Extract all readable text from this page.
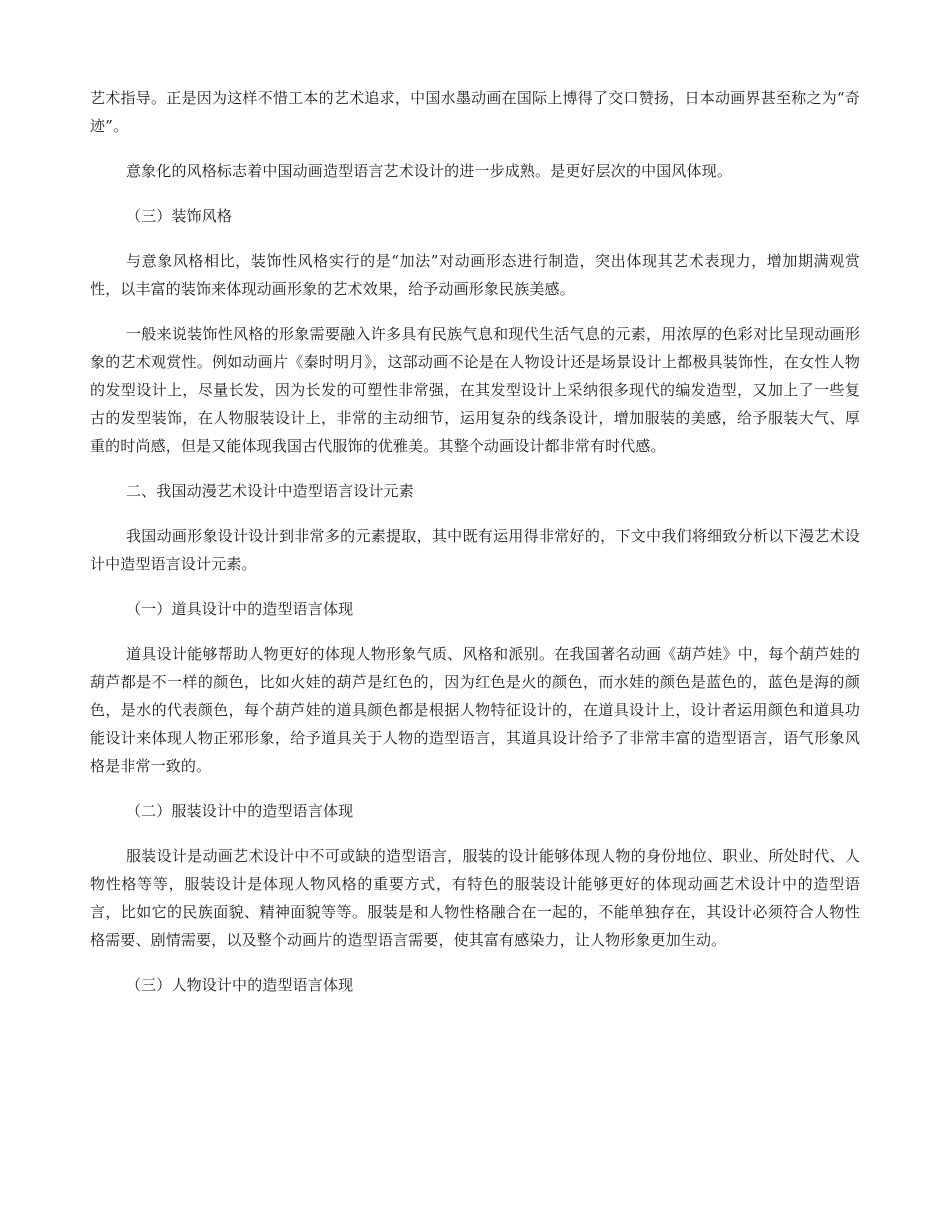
艺术指导。正是因为这样不惜工本的艺术追求，中国水墨动画在国际上博得了交口赞扬，日本动画界甚至称之为“奇迹”。

意象化的风格标志着中国动画造型语言艺术设计的进一步成熟。是更好层次的中国风体现。

（三）装饰风格

与意象风格相比，装饰性风格实行的是“加法”对动画形态进行制造，突出体现其艺术表现力，增加期满观赏性，以丰富的装饰来体现动画形象的艺术效果，给予动画形象民族美感。

一般来说装饰性风格的形象需要融入许多具有民族气息和现代生活气息的元素，用浓厚的色彩对比呈现动画形象的艺术观赏性。例如动画片《秦时明月》，这部动画不论是在人物设计还是场景设计上都极具装饰性，在女性人物的发型设计上，尽量长发，因为长发的可塑性非常强，在其发型设计上采纳很多现代的编发造型，又加上了一些复古的发型装饰，在人物服装设计上，非常的主动细节，运用复杂的线条设计，增加服装的美感，给予服装大气、厚重的时尚感，但是又能体现我国古代服饰的优雅美。其整个动画设计都非常有时代感。

二、我国动漫艺术设计中造型语言设计元素

我国动画形象设计设计到非常多的元素提取，其中既有运用得非常好的，下文中我们将细致分析以下漫艺术设计中造型语言设计元素。

（一）道具设计中的造型语言体现

道具设计能够帮助人物更好的体现人物形象气质、风格和派别。在我国著名动画《葫芦娃》中，每个葫芦娃的葫芦都是不一样的颜色，比如火娃的葫芦是红色的，因为红色是火的颜色，而水娃的颜色是蓝色的，蓝色是海的颜色，是水的代表颜色，每个葫芦娃的道具颜色都是根据人物特征设计的，在道具设计上，设计者运用颜色和道具功能设计来体现人物正邪形象，给予道具关于人物的造型语言，其道具设计给予了非常丰富的造型语言，语气形象风格是非常一致的。

（二）服装设计中的造型语言体现

服装设计是动画艺术设计中不可或缺的造型语言，服装的设计能够体现人物的身份地位、职业、所处时代、人物性格等等，服装设计是体现人物风格的重要方式，有特色的服装设计能够更好的体现动画艺术设计中的造型语言，比如它的民族面貌、精神面貌等等。服装是和人物性格融合在一起的，不能单独存在，其设计必须符合人物性格需要、剧情需要，以及整个动画片的造型语言需要，使其富有感染力，让人物形象更加生动。

（三）人物设计中的造型语言体现
